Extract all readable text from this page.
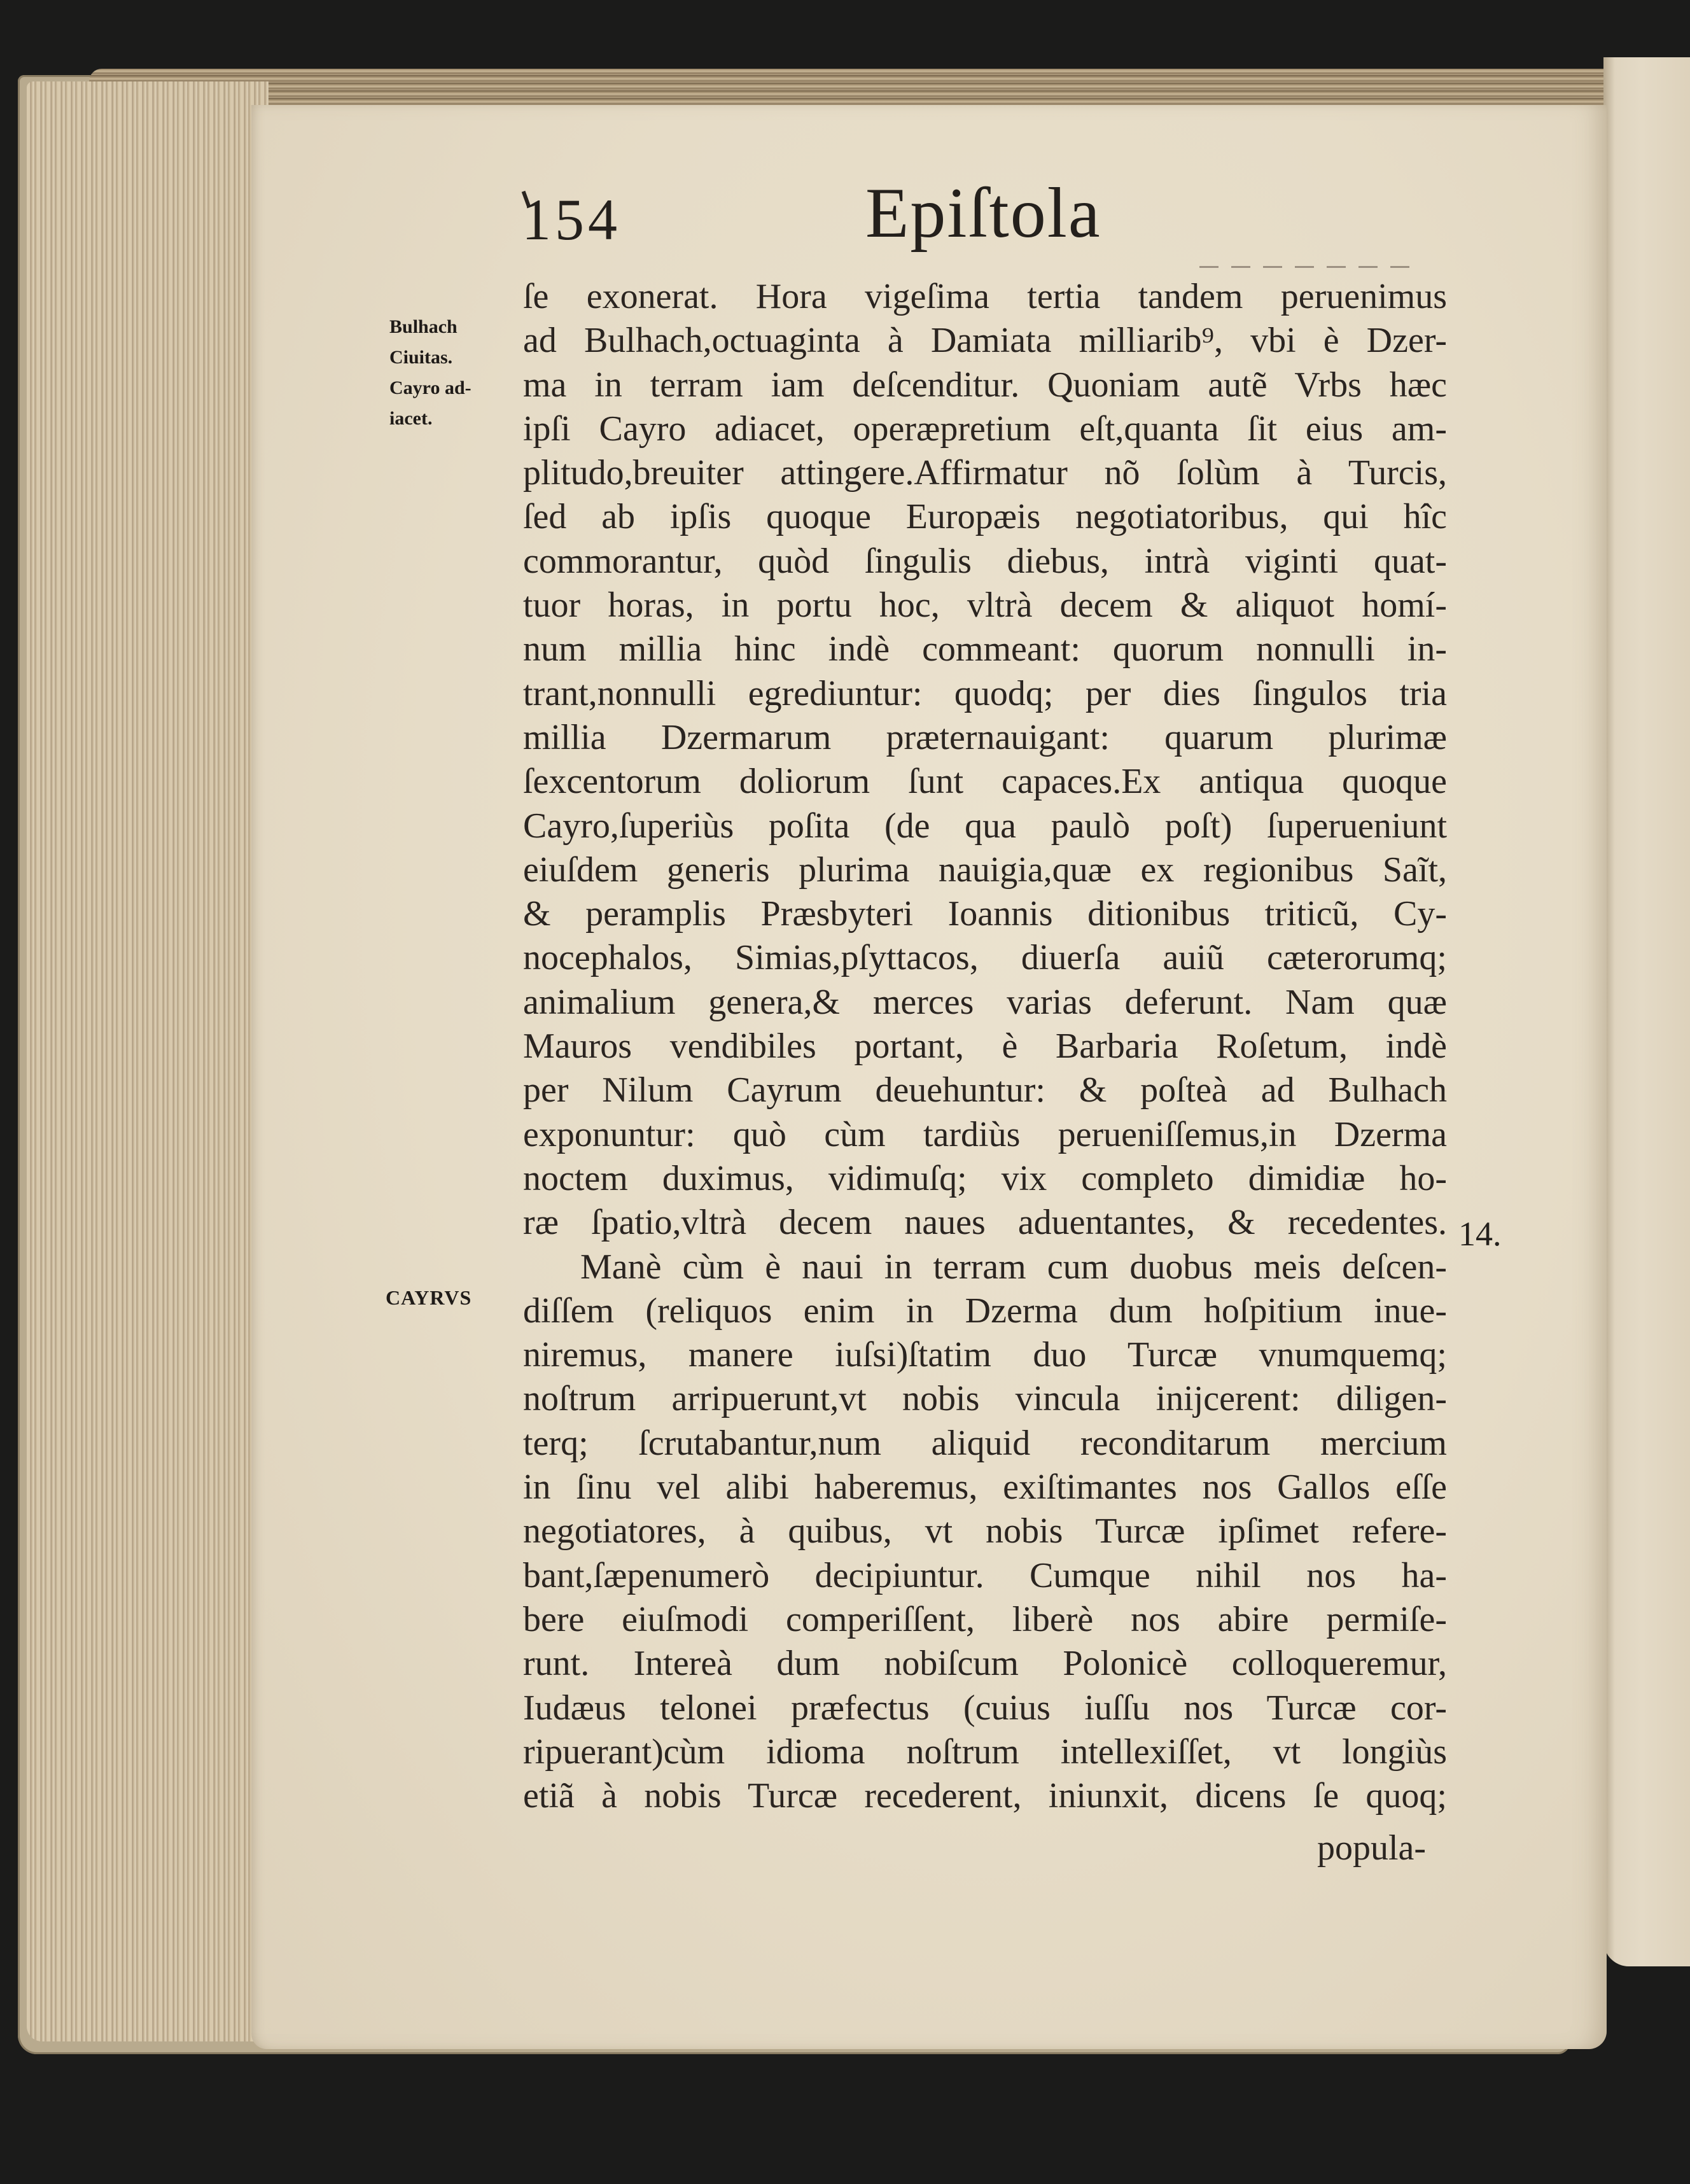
154	Epiſtola
Bulhach
Ciuitas.
Cayro ad-
iacet.
CAYRVS
14.
ſe exonerat. Hora vigeſima tertia tandem peruenimus
ad Bulhach,octuaginta à Damiata milliarib⁹, vbi è Dzer-
ma in terram iam deſcenditur. Quoniam autẽ Vrbs hæc
ipſi Cayro adiacet, operæpretium eſt,quanta ſit eius am-
plitudo,breuiter attingere.Affirmatur nõ ſolùm à Turcis,
ſed ab ipſis quoque Europæis negotiatoribus, qui hîc
commorantur, quòd ſingulis diebus, intrà viginti quat-
tuor horas, in portu hoc, vltrà decem & aliquot homí-
num millia hinc indè commeant: quorum nonnulli in-
trant,nonnulli egrediuntur: quodq; per dies ſingulos tria
millia Dzermarum præternauigant: quarum plurimæ
ſexcentorum doliorum ſunt capaces.Ex antiqua quoque
Cayro,ſuperiùs poſita (de qua paulò poſt) ſuperueniunt
eiuſdem generis plurima nauigia,quæ ex regionibus Saĩt,
& peramplis Præsbyteri Ioannis ditionibus triticũ, Cy-
nocephalos, Simias,pſyttacos, diuerſa auiũ cæterorumq;
animalium genera,& merces varias deferunt. Nam quæ
Mauros vendibiles portant, è Barbaria Roſetum, indè
per Nilum Cayrum deuehuntur: & poſteà ad Bulhach
exponuntur: quò cùm tardiùs perueniſſemus,in Dzerma
noctem duximus, vidimuſq; vix completo dimidiæ ho-
ræ ſpatio,vltrà decem naues aduentantes, & recedentes.
Manè cùm è naui in terram cum duobus meis deſcen-
diſſem (reliquos enim in Dzerma dum hoſpitium inue-
niremus, manere iuſsi)ſtatim duo Turcæ vnumquemq;
noſtrum arripuerunt,vt nobis vincula inijcerent: diligen-
terq; ſcrutabantur,num aliquid reconditarum mercium
in ſinu vel alibi haberemus, exiſtimantes nos Gallos eſſe
negotiatores, à quibus, vt nobis Turcæ ipſimet refere-
bant,ſæpenumerò decipiuntur. Cumque nihil nos ha-
bere eiuſmodi comperiſſent, liberè nos abire permiſe-
runt. Intereà dum nobiſcum Polonicè colloqueremur,
Iudæus telonei præfectus (cuius iuſſu nos Turcæ cor-
ripuerant)cùm idioma noſtrum intellexiſſet, vt longiùs
etiã à nobis Turcæ recederent, iniunxit, dicens ſe quoq;
popula-
